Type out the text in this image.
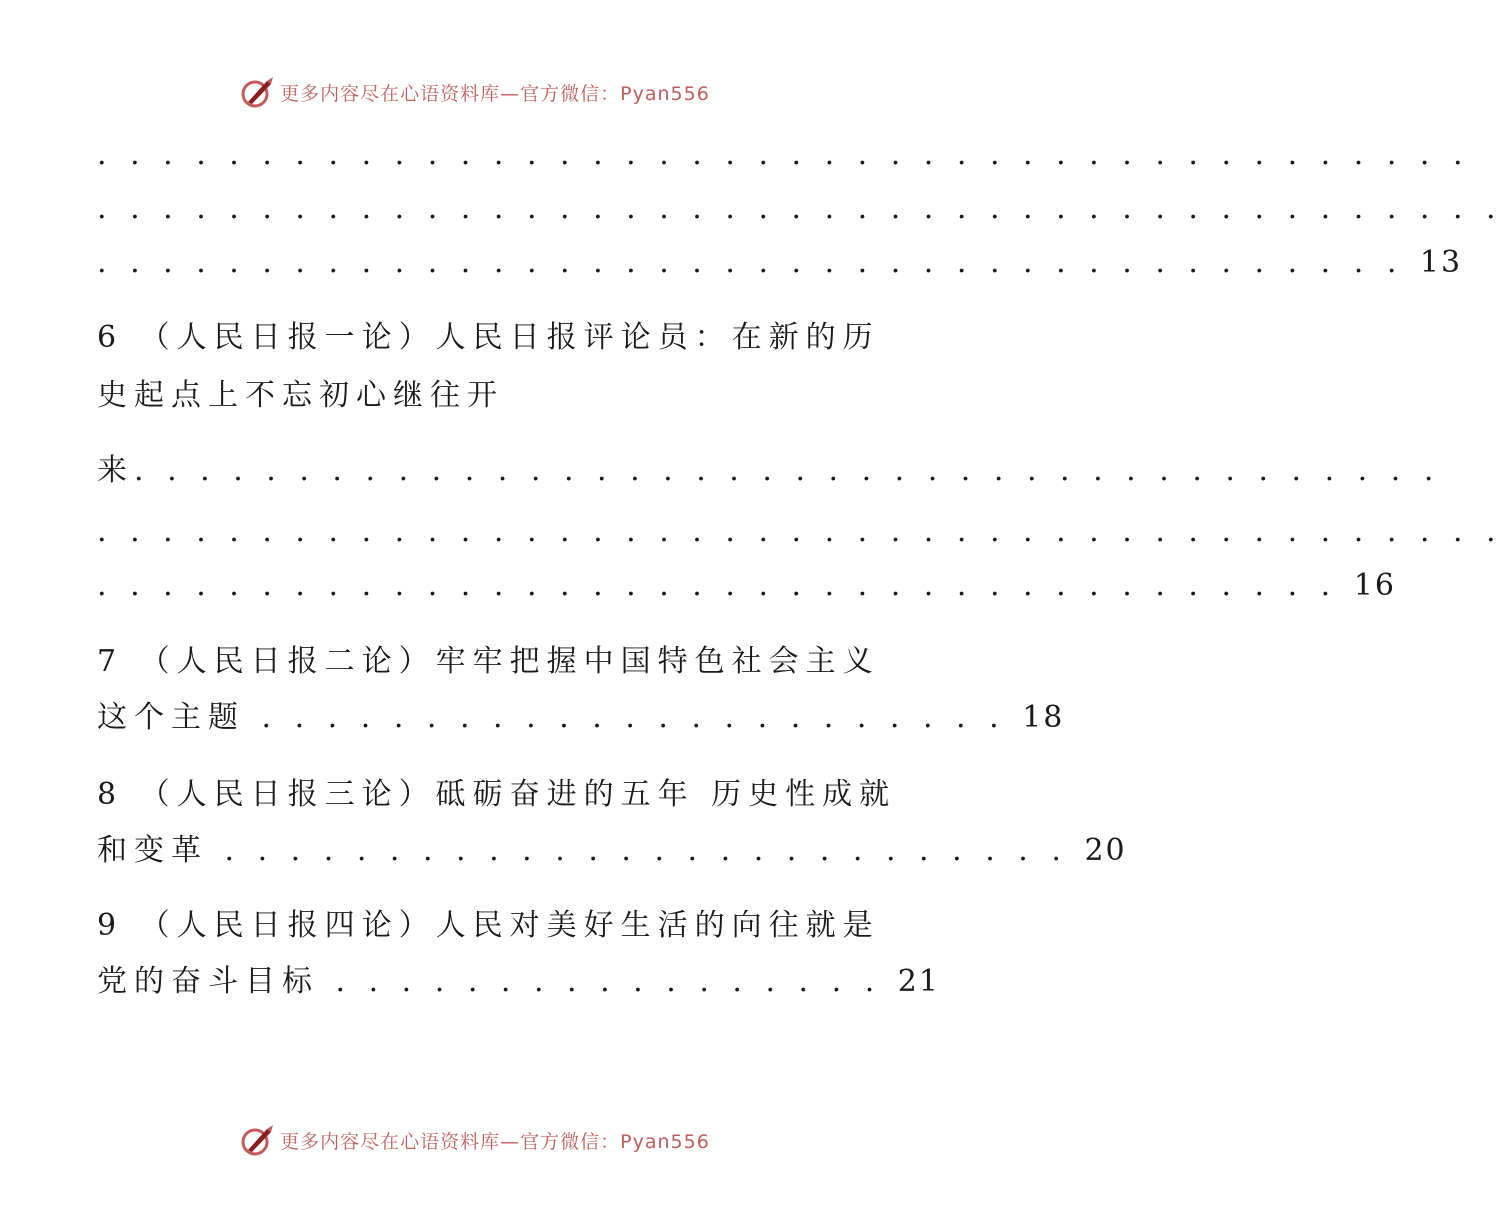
更多内容尽在心语资料库—官方微信：Pyan556
. . . . . . . . . . . . . . . . . . . . . . . . . . . . . . . . . . . . . . . . . .
. . . . . . . . . . . . . . . . . . . . . . . . . . . . . . . . . . . . . . . . . . .
. . . . . . . . . . . . . . . . . . . . . . . . . . . . . . . . . . . . . . . . 13
6 （人民日报一论）人民日报评论员：在新的历
史起点上不忘初心继往开
来. . . . . . . . . . . . . . . . . . . . . . . . . . . . . . . . . . . . . . . .
. . . . . . . . . . . . . . . . . . . . . . . . . . . . . . . . . . . . . . . . . . .
. . . . . . . . . . . . . . . . . . . . . . . . . . . . . . . . . . . . . . 16
7 （人民日报二论）牢牢把握中国特色社会主义
这个主题 . . . . . . . . . . . . . . . . . . . . . . . 18
8 （人民日报三论）砥砺奋进的五年 历史性成就
和变革 . . . . . . . . . . . . . . . . . . . . . . . . . . 20
9 （人民日报四论）人民对美好生活的向往就是
党的奋斗目标 . . . . . . . . . . . . . . . . . 21
更多内容尽在心语资料库—官方微信：Pyan556
